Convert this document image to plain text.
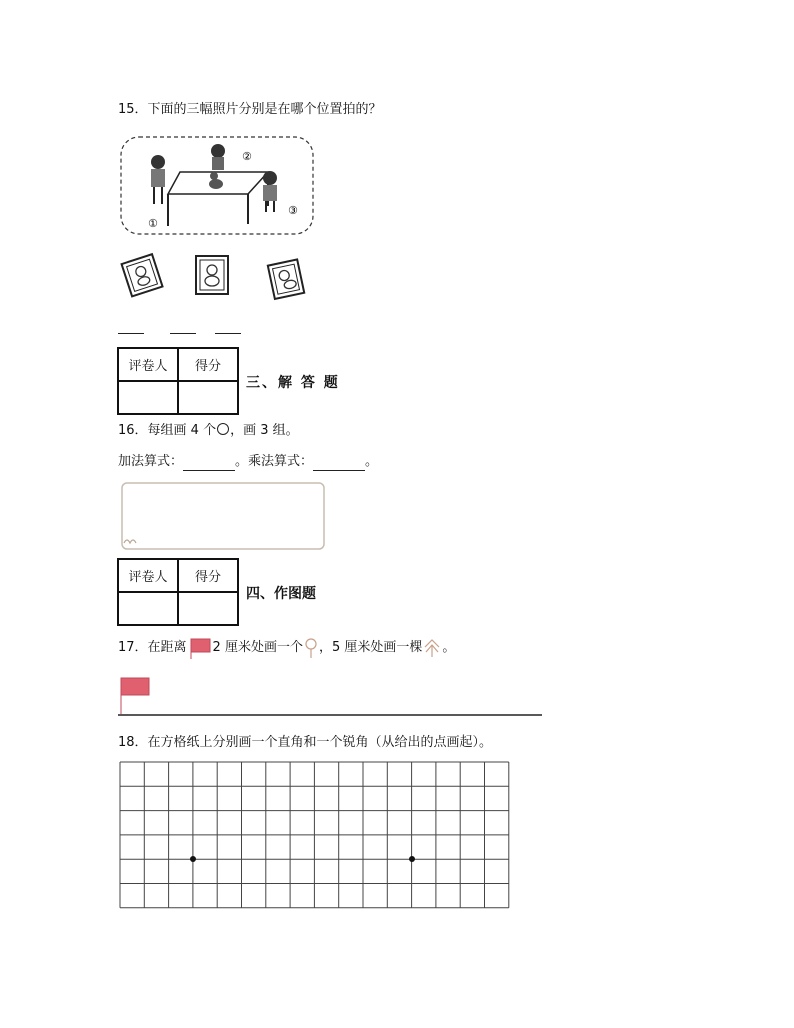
15．下面的三幅照片分别是在哪个位置拍的？
①
②
③
评卷人	得分

三、解 答 题
16．每组画 4 个 ，画 3 组。
加法算式：	。乘法算式：	。
评卷人	得分

四、作图题
17．在距离 2 厘米处画一个 ，5 厘米处画一棵 。
18．在方格纸上分别画一个直角和一个锐角（从给出的点画起）。
